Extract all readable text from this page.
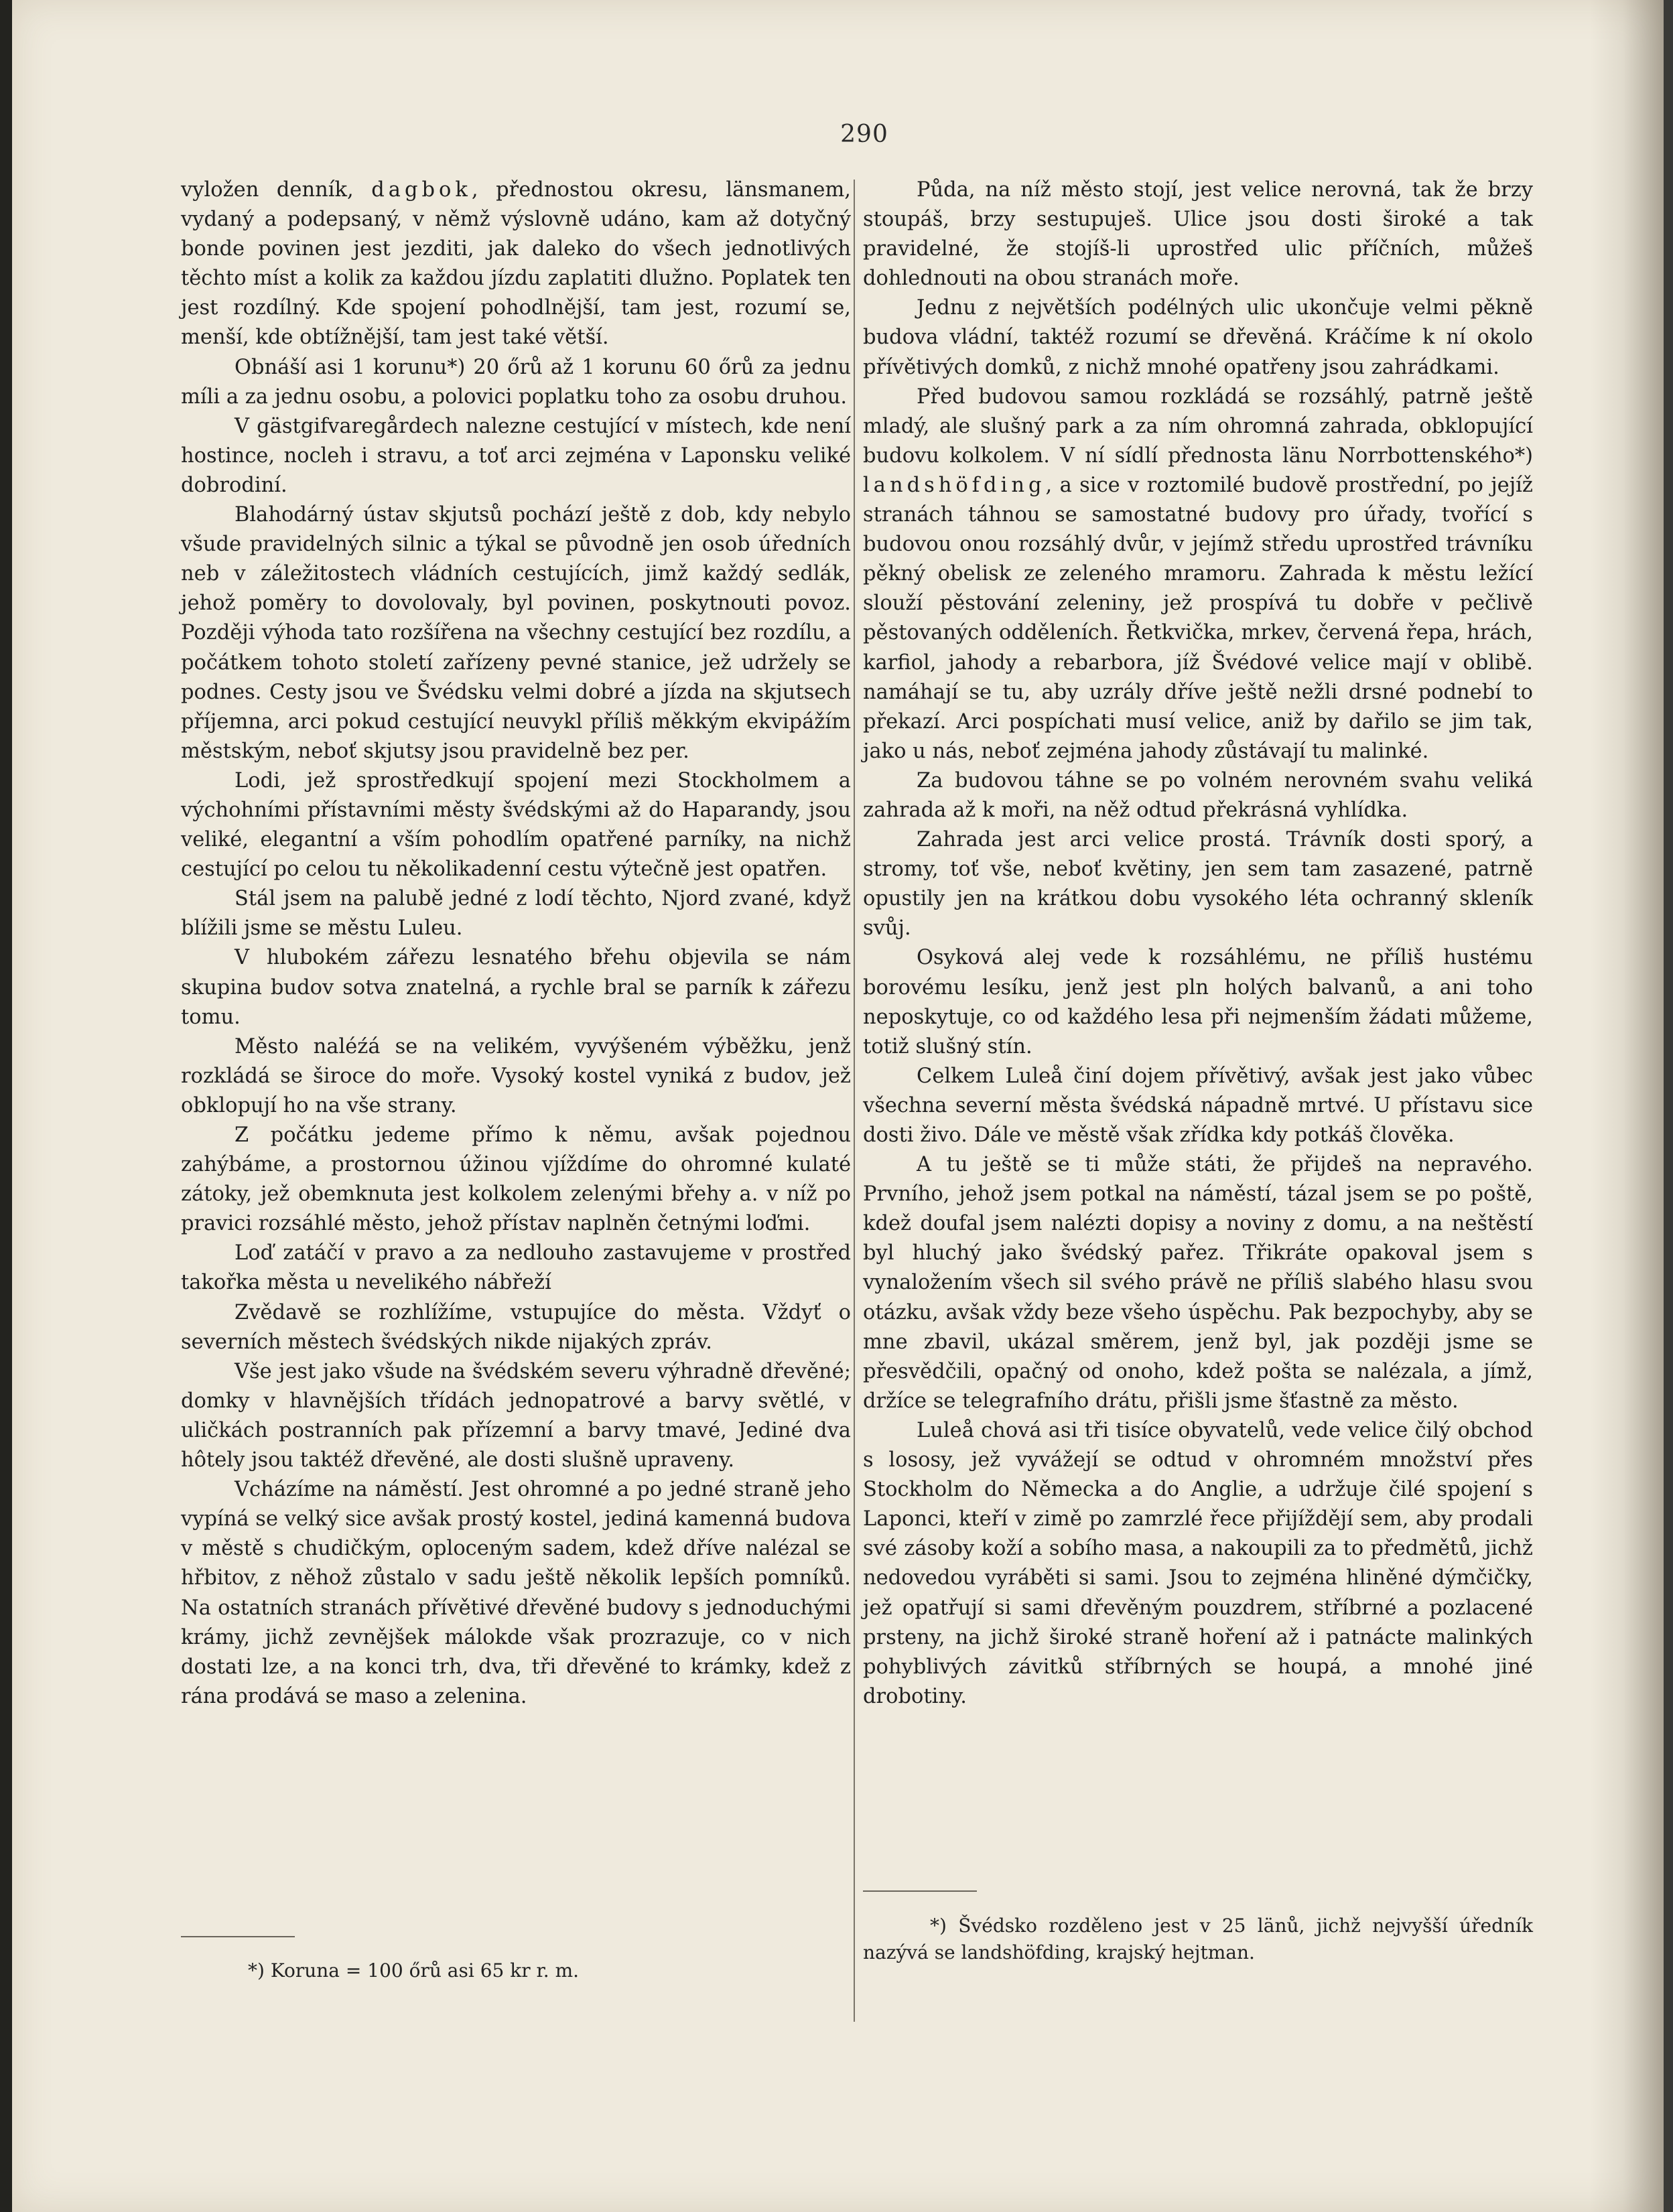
290

vyložen denník, dagbok, přednostou okresu, länsmanem, vydaný a podepsaný, v němž výslovně udáno, kam až dotyčný bonde povinen jest jezditi, jak daleko do všech jednotlivých těchto míst a kolik za každou jízdu zaplatiti dlužno. Poplatek ten jest rozdílný. Kde spojení pohodlnější, tam jest, rozumí se, menší, kde obtížnější, tam jest také větší.

Obnáší asi 1 korunu*) 20 őrů až 1 korunu 60 őrů za jednu míli a za jednu osobu, a polovici poplatku toho za osobu druhou.

V gästgifvaregårdech nalezne cestující v místech, kde není hostince, nocleh i stravu, a toť arci zejména v Laponsku veliké dobrodiní.

Blahodárný ústav skjutsů pochází ještě z dob, kdy nebylo všude pravidelných silnic a týkal se původně jen osob úředních neb v záležitostech vládních cestujících, jimž každý sedlák, jehož poměry to dovolovaly, byl povinen, poskytnouti povoz. Později výhoda tato rozšířena na všechny cestující bez rozdílu, a počátkem tohoto století zařízeny pevné stanice, jež udržely se podnes. Cesty jsou ve Švédsku velmi dobré a jízda na skjutsech příjemna, arci pokud cestující neuvykl příliš měkkým ekvipážím městským, neboť skjutsy jsou pravidelně bez per.

Lodi, jež sprostředkují spojení mezi Stockholmem a výchohními přístavními městy švédskými až do Haparandy, jsou veliké, elegantní a vším pohodlím opatřené parníky, na nichž cestující po celou tu několikadenní cestu výtečně jest opatřen.

Stál jsem na palubě jedné z lodí těchto, Njord zvané, když blížili jsme se městu Luleu.

V hlubokém zářezu lesnatého břehu objevila se nám skupina budov sotva znatelná, a rychle bral se parník k zářezu tomu.

Město naléźá se na velikém, vyvýšeném výběžku, jenž rozkládá se široce do moře. Vysoký kostel vyniká z budov, jež obklopují ho na vše strany.

Z počátku jedeme přímo k němu, avšak pojednou zahýbáme, a prostornou úžinou vjíždíme do ohromné kulaté zátoky, jež obemknuta jest kolkolem zelenými břehy a. v níž po pravici rozsáhlé město, jehož přístav naplněn četnými loďmi.

Loď zatáčí v pravo a za nedlouho zastavujeme v prostřed takořka města u nevelikého nábřeží

Zvědavě se rozhlížíme, vstupujíce do města. Vždyť o severních městech švédských nikde nijakých zpráv.

Vše jest jako všude na švédském severu výhradně dřevěné; domky v hlavnějších třídách jednopatrové a barvy světlé, v uličkách postranních pak přízemní a barvy tmavé, Jediné dva hôtely jsou taktéž dřevěné, ale dosti slušně upraveny.

Vcházíme na náměstí. Jest ohromné a po jedné straně jeho vypíná se velký sice avšak prostý kostel, jediná kamenná budova v městě s chudičkým, oploceným sadem, kdež dříve nalézal se hřbitov, z něhož zůstalo v sadu ještě několik lepších pomníků. Na ostatních stranách přívětivé dřevěné budovy s jednoduchými krámy, jichž zevnějšek málokde však prozrazuje, co v nich dostati lze, a na konci trh, dva, tři dřevěné to krámky, kdež z rána prodává se maso a zelenina.

Půda, na níž město stojí, jest velice nerovná, tak že brzy stoupáš, brzy sestupuješ. Ulice jsou dosti široké a tak pravidelné, že stojíš-li uprostřed ulic příčních, můžeš dohlednouti na obou stranách moře.

Jednu z největších podélných ulic ukončuje velmi pěkně budova vládní, taktéž rozumí se dřevěná. Kráčíme k ní okolo přívětivých domků, z nichž mnohé opatřeny jsou zahrádkami.

Před budovou samou rozkládá se rozsáhlý, patrně ještě mladý, ale slušný park a za ním ohromná zahrada, obklopující budovu kolkolem. V ní sídlí přednosta länu Norrbottenského*) landshöfding, a sice v roztomilé budově prostřední, po jejíž stranách táhnou se samostatné budovy pro úřady, tvořící s budovou onou rozsáhlý dvůr, v jejímž středu uprostřed trávníku pěkný obelisk ze zeleného mramoru. Zahrada k městu ležící slouží pěstování zeleniny, jež prospívá tu dobře v pečlivě pěstovaných odděleních. Řetkvička, mrkev, červená řepa, hrách, karfiol, jahody a rebarbora, jíž Švédové velice mají v oblibě. namáhají se tu, aby uzrály dříve ještě nežli drsné podnebí to překazí. Arci pospíchati musí velice, aniž by dařilo se jim tak, jako u nás, neboť zejména jahody zůstávají tu malinké.

Za budovou táhne se po volném nerovném svahu veliká zahrada až k moři, na něž odtud překrásná vyhlídka.

Zahrada jest arci velice prostá. Trávník dosti sporý, a stromy, toť vše, neboť květiny, jen sem tam zasazené, patrně opustily jen na krátkou dobu vysokého léta ochranný skleník svůj.

Osyková alej vede k rozsáhlému, ne příliš hustému borovému lesíku, jenž jest pln holých balvanů, a ani toho neposkytuje, co od každého lesa při nejmenším žádati můžeme, totiž slušný stín.

Celkem Luleå činí dojem přívětivý, avšak jest jako vůbec všechna severní města švédská nápadně mrtvé. U přístavu sice dosti živo. Dále ve městě však zřídka kdy potkáš člověka.

A tu ještě se ti může státi, že přijdeš na nepravého. Prvního, jehož jsem potkal na náměstí, tázal jsem se po poště, kdež doufal jsem nalézti dopisy a noviny z domu, a na neštěstí byl hluchý jako švédský pařez. Třikráte opakoval jsem s vynaložením všech sil svého právě ne příliš slabého hlasu svou otázku, avšak vždy beze všeho úspěchu. Pak bezpochyby, aby se mne zbavil, ukázal směrem, jenž byl, jak později jsme se přesvědčili, opačný od onoho, kdež pošta se nalézala, a jímž, držíce se telegrafního drátu, přišli jsme šťastně za město.

Luleå chová asi tři tisíce obyvatelů, vede velice čilý obchod s lososy, jež vyvážejí se odtud v ohromném množství přes Stockholm do Německa a do Anglie, a udržuje čilé spojení s Laponci, kteří v zimě po zamrzlé řece přijíždějí sem, aby prodali své zásoby koží a sobího masa, a nakoupili za to předmětů, jichž nedovedou vyráběti si sami. Jsou to zejména hliněné dýmčičky, jež opatřují si sami dřevěným pouzdrem, stříbrné a pozlacené prsteny, na jichž široké straně hoření až i patnácte malinkých pohyblivých závitků stříbrných se houpá, a mnohé jiné drobotiny.

*) Koruna = 100 őrů asi 65 kr r. m.
*) Švédsko rozděleno jest v 25 länů, jichž nejvyšší úředník nazývá se landshöfding, krajský hejtman.
